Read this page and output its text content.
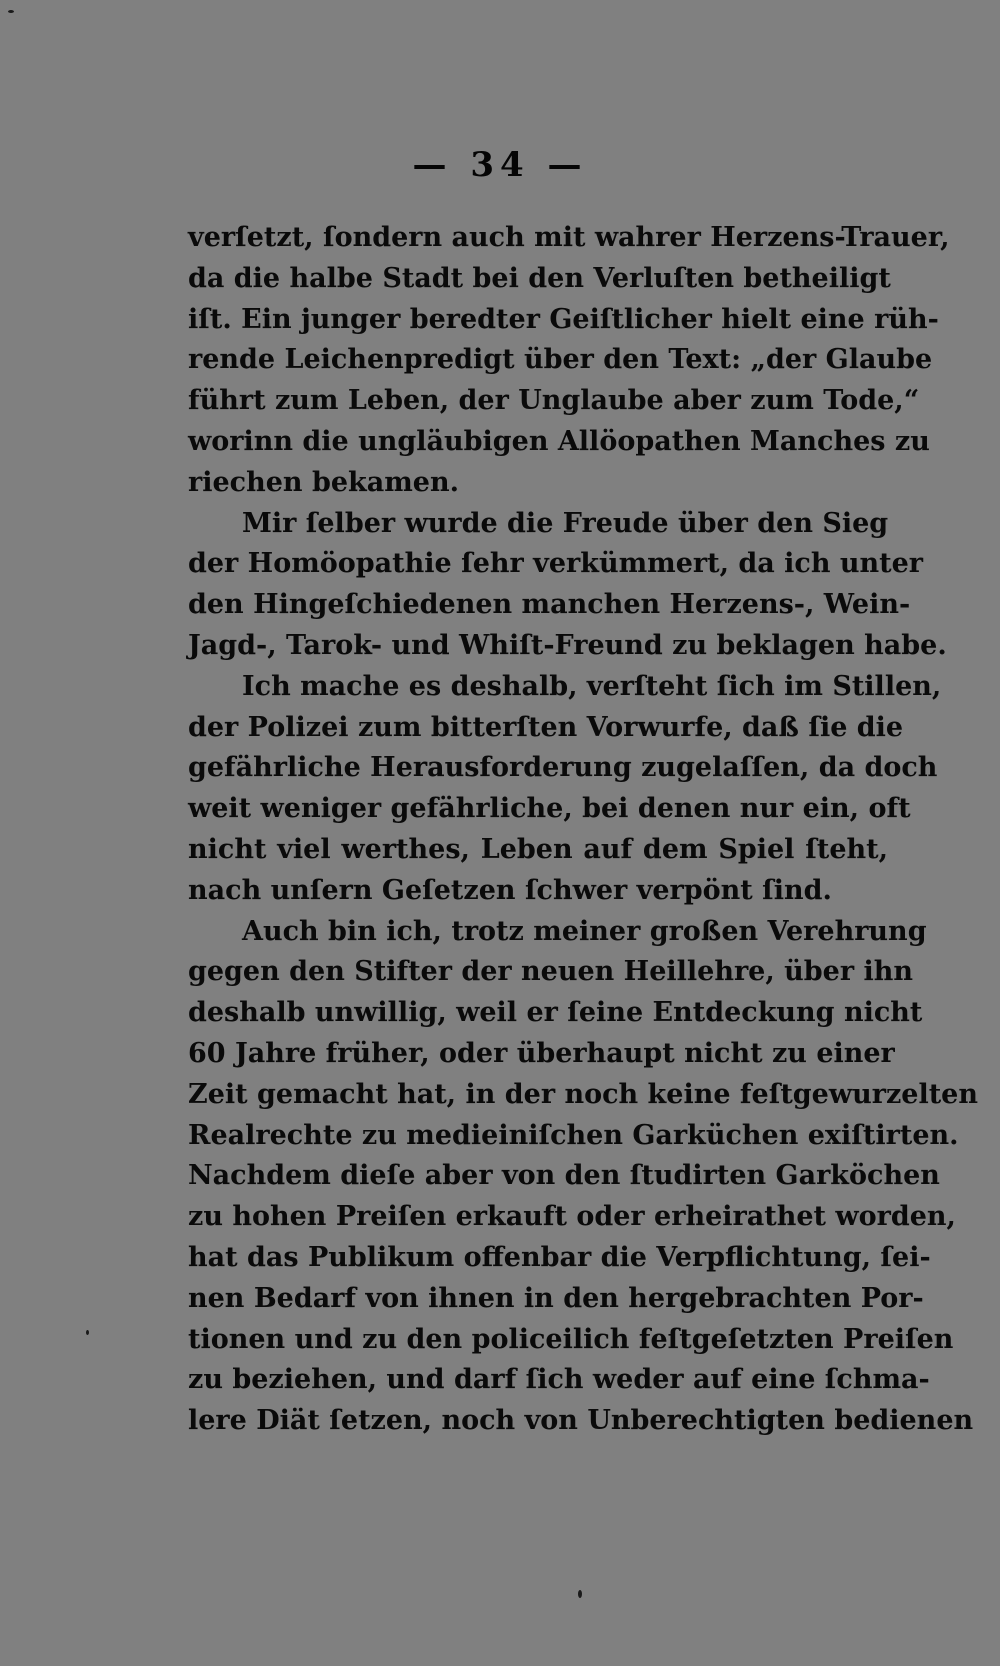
— 34 —
verſetzt, ſondern auch mit wahrer Herzens-Trauer,
da die halbe Stadt bei den Verluſten betheiligt
iſt. Ein junger beredter Geiſtlicher hielt eine rüh-
rende Leichenpredigt über den Text: „der Glaube
führt zum Leben, der Unglaube aber zum Tode,“
worinn die ungläubigen Allöopathen Manches zu
riechen bekamen.
Mir ſelber wurde die Freude über den Sieg
der Homöopathie ſehr verkümmert, da ich unter
den Hingeſchiedenen manchen Herzens-, Wein-
Jagd-, Tarok- und Whiſt-Freund zu beklagen habe.
Ich mache es deshalb, verſteht ſich im Stillen,
der Polizei zum bitterſten Vorwurfe, daß ſie die
gefährliche Herausforderung zugelaſſen, da doch
weit weniger gefährliche, bei denen nur ein, oft
nicht viel werthes, Leben auf dem Spiel ſteht,
nach unſern Geſetzen ſchwer verpönt ſind.
Auch bin ich, trotz meiner großen Verehrung
gegen den Stifter der neuen Heillehre, über ihn
deshalb unwillig, weil er ſeine Entdeckung nicht
60 Jahre früher, oder überhaupt nicht zu einer
Zeit gemacht hat, in der noch keine feſtgewurzelten
Realrechte zu medieiniſchen Garküchen exiſtirten.
Nachdem dieſe aber von den ſtudirten Garköchen
zu hohen Preiſen erkauft oder erheirathet worden,
hat das Publikum offenbar die Verpflichtung, ſei-
nen Bedarf von ihnen in den hergebrachten Por-
tionen und zu den policeilich feſtgeſetzten Preiſen
zu beziehen, und darf ſich weder auf eine ſchma-
lere Diät ſetzen, noch von Unberechtigten bedienen
